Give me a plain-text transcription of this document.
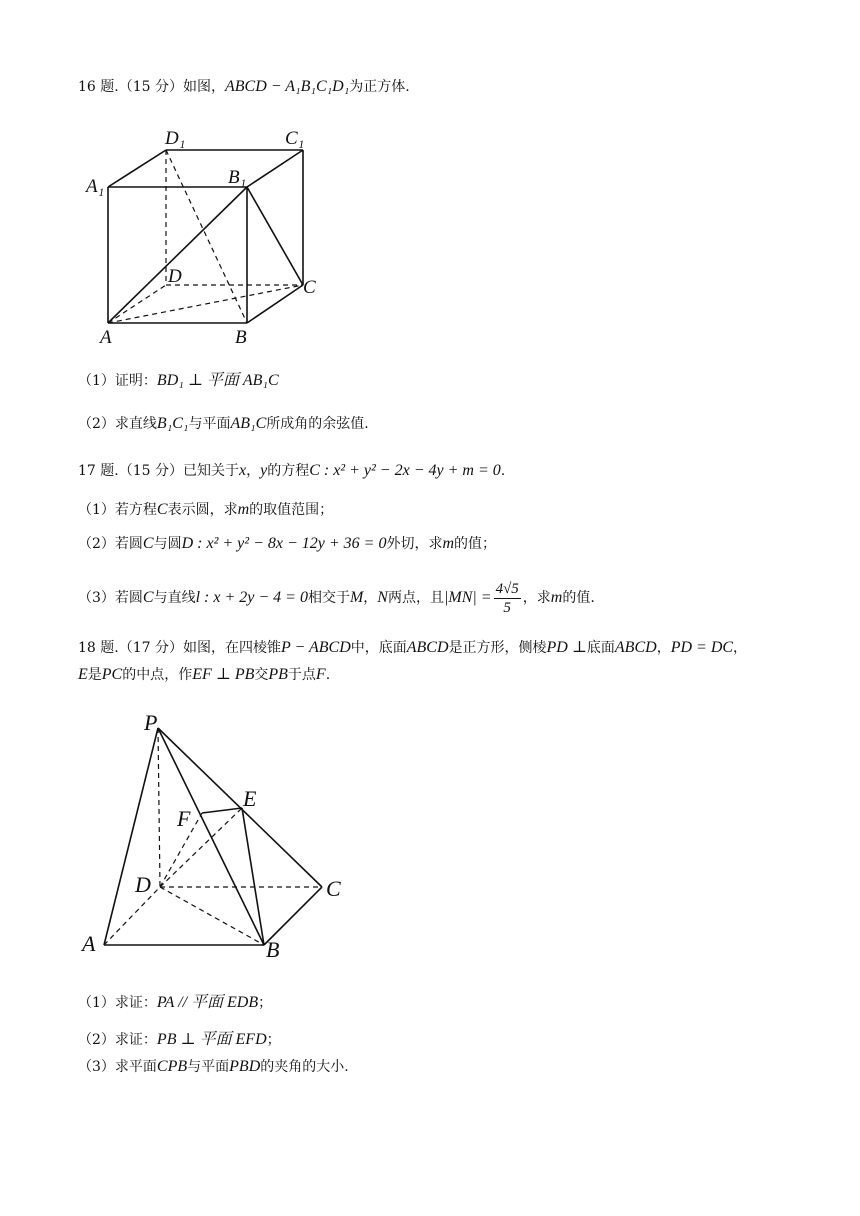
16 题.（15 分）如图，ABCD − A₁B₁C₁D₁为正方体.
D₁	C₁
A₁	B₁
D
C
A	B
（1）证明：BD₁ ⊥ 平面 AB₁C
（2）求直线B₁C₁与平面AB₁C所成角的余弦值.
17 题.（15 分）已知关于x，y的方程C : x² + y² − 2x − 4y + m = 0.
（1）若方程C表示圆，求m的取值范围；
（2）若圆C与圆D : x² + y² − 8x − 12y + 36 = 0外切，求m的值；
（3）若圆C与直线l : x + 2y − 4 = 0相交于M，N两点，且$|MN| = \frac{4√5}{5}$ ，求m的值.
18 题.（17 分）如图，在四棱锥P − ABCD中，底面ABCD是正方形，侧棱PD ⊥底面ABCD，PD = DC，
E是PC的中点，作EF ⊥ PB交PB于点F.
P
E
F
D	C
A	B
（1）求证：PA // 平面 EDB；
（2）求证：PB ⊥ 平面 EFD；
（3）求平面CPB与平面PBD的夹角的大小.
